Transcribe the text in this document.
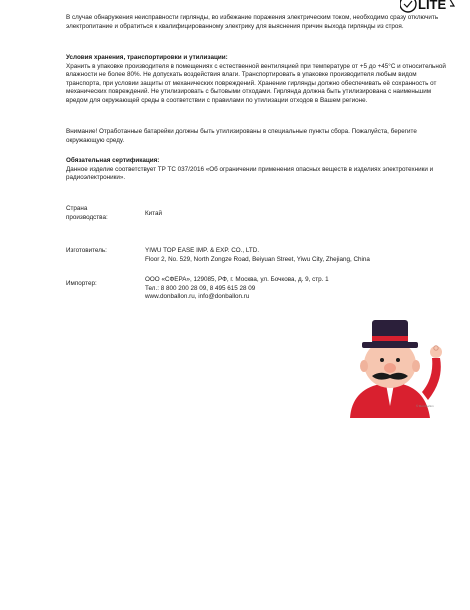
LITE

В случае обнаружения неисправности гирлянды, во избежание поражения электрическим током, необходимо сразу отключить электропитание и обратиться к квалифицированному электрику для выяснения причин выхода гирлянды из строя.

Условия хранения, транспортировки и утилизации:
Хранить в упаковке производителя в помещениях с естественной вентиляцией при температуре от +5 до +45°С и относительной влажности не более 80%. Не допускать воздействия влаги. Транспортировать в упаковке производителя любым видом транспорта, при условии защиты от механических повреждений. Хранение гирлянды должно обеспечивать её сохранность от механических повреждений. Не утилизировать с бытовыми отходами. Гирлянда должна быть утилизирована с наименьшим вредом для окружающей среды в соответствии с правилами по утилизации отходов в Вашем регионе.

Внимание! Отработанные батарейки должны быть утилизированы в специальные пункты сбора. Пожалуйста, берегите окружающую среду.

Обязательная сертификация:
Данное изделие соответствует ТР ТС 037/2016 «Об ограничении применения опасных веществ в изделиях электротехники и радиоэлектроники».

Страна производства:
Китай
Изготовитель:	YIWU TOP EASE IMP. & EXP. CO., LTD.
Floor 2, No. 529, North Zongze Road, Beiyuan Street, Yiwu City, Zhejiang, China
Импортер:
ООО «СФЕРА», 129085, РФ, г. Москва, ул. Бочкова, д. 9, стр. 1
Тел.: 8 800 200 28 09, 8 495 615 28 09
www.donballon.ru, info@donballon.ru
© Don Ballon
